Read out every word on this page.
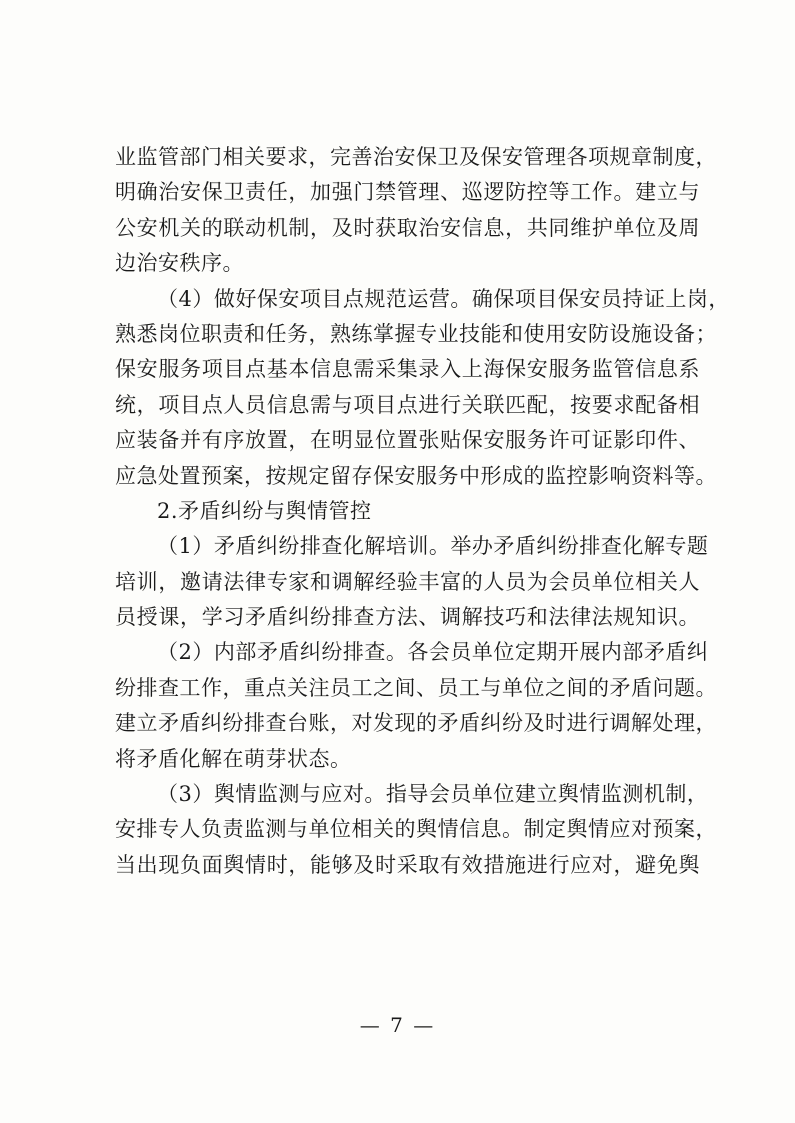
业监管部门相关要求，完善治安保卫及保安管理各项规章制度，
明确治安保卫责任，加强门禁管理、巡逻防控等工作。建立与
公安机关的联动机制，及时获取治安信息，共同维护单位及周
边治安秩序。
（4）做好保安项目点规范运营。确保项目保安员持证上岗，
熟悉岗位职责和任务，熟练掌握专业技能和使用安防设施设备；
保安服务项目点基本信息需采集录入上海保安服务监管信息系
统，项目点人员信息需与项目点进行关联匹配，按要求配备相
应装备并有序放置，在明显位置张贴保安服务许可证影印件、
应急处置预案，按规定留存保安服务中形成的监控影响资料等。
2.矛盾纠纷与舆情管控
（1）矛盾纠纷排查化解培训。举办矛盾纠纷排查化解专题
培训，邀请法律专家和调解经验丰富的人员为会员单位相关人
员授课，学习矛盾纠纷排查方法、调解技巧和法律法规知识。
（2）内部矛盾纠纷排查。各会员单位定期开展内部矛盾纠
纷排查工作，重点关注员工之间、员工与单位之间的矛盾问题。
建立矛盾纠纷排查台账，对发现的矛盾纠纷及时进行调解处理，
将矛盾化解在萌芽状态。
（3）舆情监测与应对。指导会员单位建立舆情监测机制，
安排专人负责监测与单位相关的舆情信息。制定舆情应对预案，
当出现负面舆情时，能够及时采取有效措施进行应对，避免舆
— 7 —
